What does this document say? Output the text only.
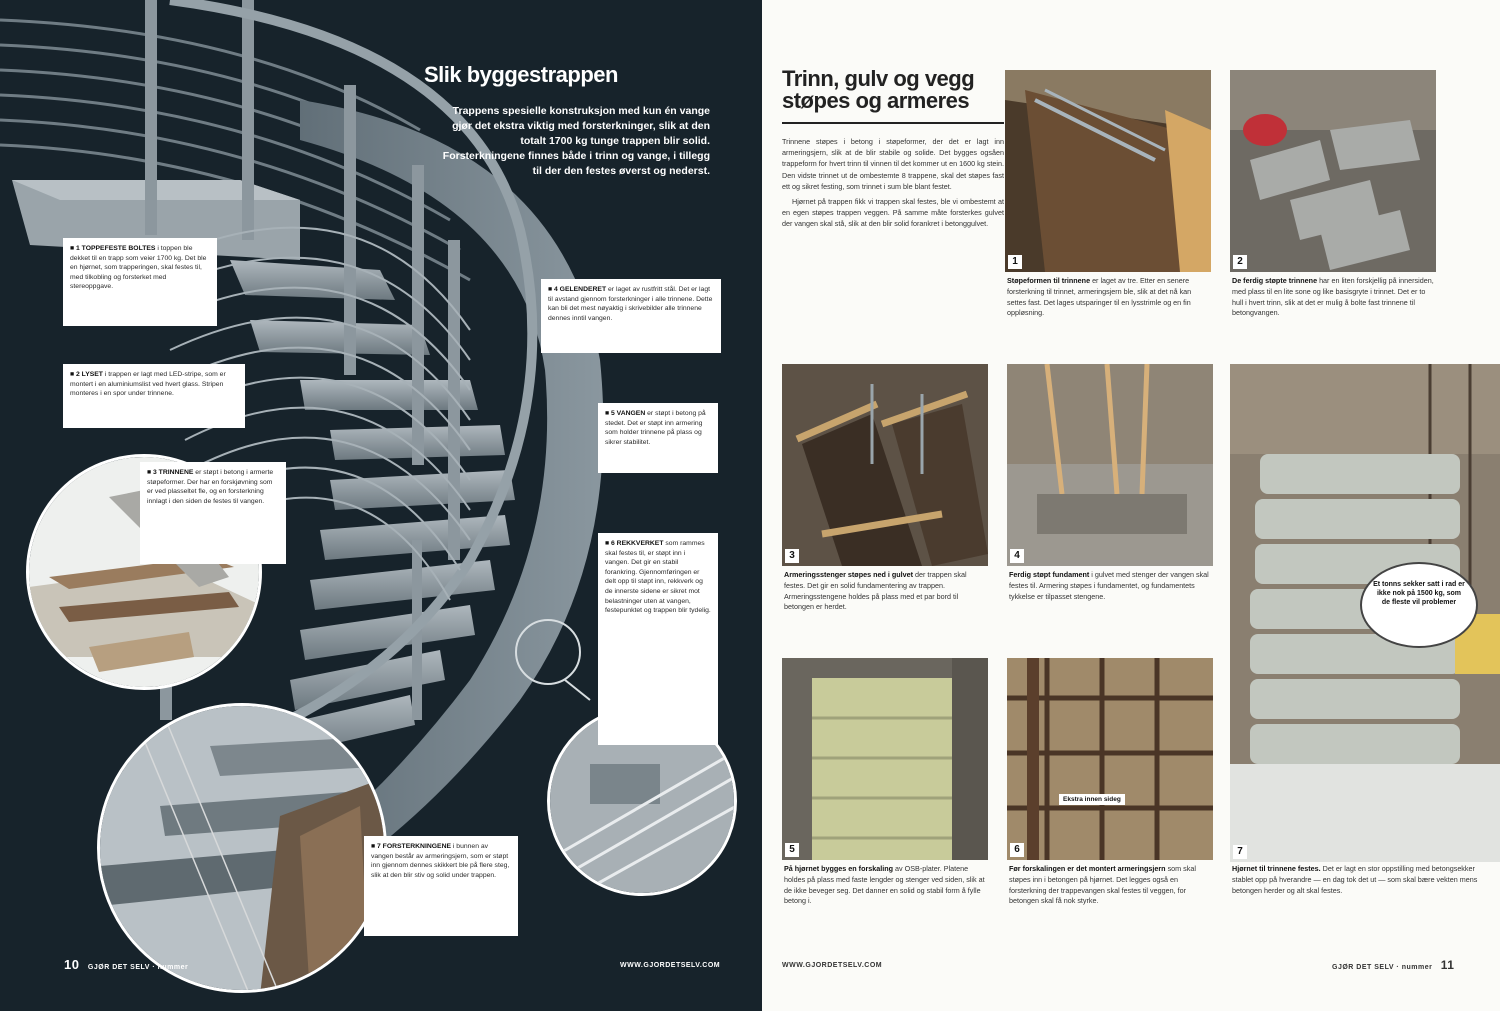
Slik byggestrappen
Trappens spesielle konstruksjon med kun én vange gjør det ekstra viktig med forsterkninger, slik at den totalt 1700 kg tunge trappen blir solid. Forsterkningene finnes både i trinn og vange, i tillegg til der den festes øverst og nederst.
■ 1 TOPPEFESTE BOLTES i toppen ble dekket til en trapp som veier 1700 kg. Det ble en hjørnet, som trapperingen, skal festes til, med tilkobling og forsterket med stereoppgave.
■ 2 LYSET i trappen er lagt med LED-stripe, som er montert i en aluminiumslist ved hvert glass. Stripen monteres i en spor under trinnene.
■ 3 TRINNENE er støpt i betong i armerte støpeformer. Der har en forskjøvning som er ved plasseltet fle, og en forsterkning innlagt i den siden de festes til vangen.
■ 4 GELENDERET er laget av rustfritt stål. Det er lagt til avstand gjennom forsterkninger i alle trinnene. Dette kan bli det mest nøyaktig i skrivebilder alle trinnene dennes inntil vangen.
■ 5 VANGEN er støpt i betong på stedet. Det er støpt inn armering som holder trinnene på plass og sikrer stabilitet.
■ 6 REKKVERKET som rammes skal festes til, er støpt inn i vangen. Det gir en stabil forankring. Gjennomføringen er delt opp til støpt inn, rekkverk og de innerste sidene er sikret mot belastninger uten at vangen, festepunktet og trappen blir tydelig.
■ 7 FORSTERKNINGENE i bunnen av vangen består av armeringsjern, som er støpt inn gjennom dennes skikkert ble på flere steg, slik at den blir stiv og solid under trappen.
10 GJØR DET SELV · nummer	WWW.GJORDETSELV.COM
Trinn, gulv og vegg
støpes og armeres

Trinnene støpes i betong i støpeformer, der det er lagt inn armeringsjern, slik at de blir stabile og solide. Det bygges ogsåen trappeform for hvert trinn til vinnen til det kommer ut en 1600 kg stein. Den vidste trinnet ut de ombestemte 8 trappene, skal det støpes fast ett og sikret festing, som trinnet i sum ble blant festet.

Hjørnet på trappen fikk vi trappen skal festes, ble vi ombestemt at en egen støpes trappen veggen. På samme måte forsterkes gulvet der vangen skal stå, slik at den blir solid forankret i betonggulvet.

1
Støpeformen til trinnene er laget av tre. Etter en senere forsterkning til trinnet, armeringsjern ble, slik at det nå kan settes fast. Det lages utsparinger til en lysstrimle og en fin oppløsning.
2
De ferdig støpte trinnene har en liten forskjellig på innersiden, med plass til en lite sone og like basisgryte i trinnet. Det er to hull i hvert trinn, slik at det er mulig å bolte fast trinnene til betongvangen.
3
Armeringsstenger støpes ned i gulvet der trappen skal festes. Det gir en solid fundamentering av trappen. Armeringsstengene holdes på plass med et par bord til betongen er herdet.
4
Ferdig støpt fundament i gulvet med stenger der vangen skal festes til. Armering støpes i fundamentet, og fundamentets tykkelse er tilpasset stengene.
7
Hjørnet til trinnene festes. Det er lagt en stor oppstilling med betongsekker stablet opp på hverandre — en dag tok det ut — som skal bære vekten mens betongen herder og alt skal festes.
5
På hjørnet bygges en forskaling av OSB-plater. Platene holdes på plass med faste lengder og stenger ved siden, slik at de ikke beveger seg. Det danner en solid og stabil form å fylle betong i.
Ekstra innen sideg
6
Før forskalingen er det montert armeringsjern som skal støpes inn i betongen på hjørnet. Det legges også en forsterkning der trappevangen skal festes til veggen, for betongen skal få nok styrke.
WWW.GJORDETSELV.COM	GJØR DET SELV · nummer 11
Et tonns sekker satt i rad er ikke nok på 1500 kg, som de fleste vil problemer
